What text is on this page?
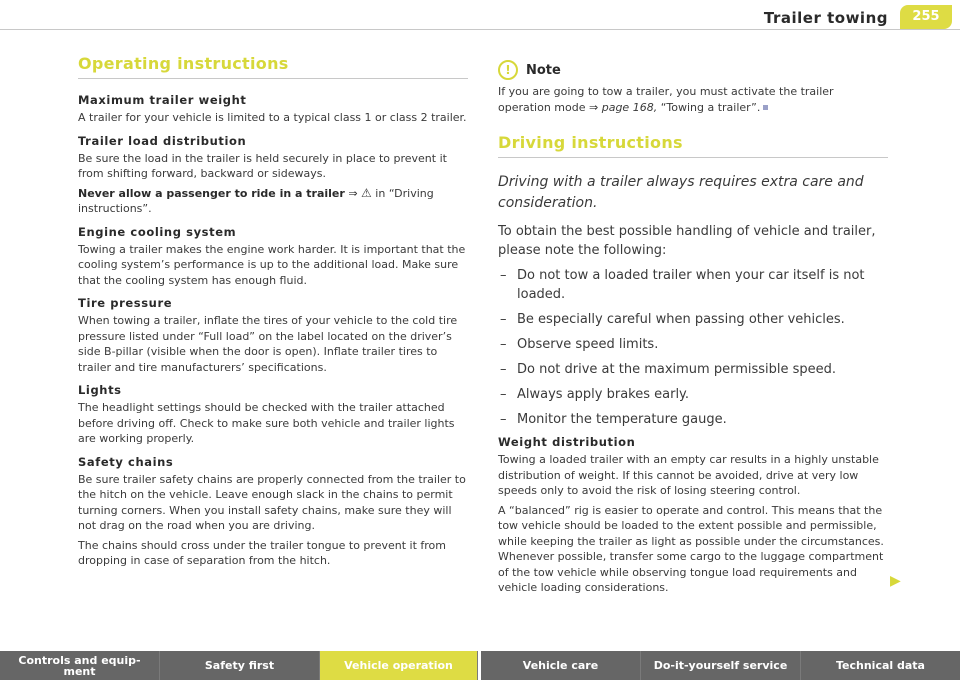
Trailer towing	255
Operating instructions
Maximum trailer weight

A trailer for your vehicle is limited to a typical class 1 or class 2 trailer.

Trailer load distribution

Be sure the load in the trailer is held securely in place to prevent it from shifting forward, backward or sideways.

Never allow a passenger to ride in a trailer ⇒ ⚠ in “Driving instructions”.

Engine cooling system

Towing a trailer makes the engine work harder. It is important that the cooling system’s performance is up to the additional load. Make sure that the cooling system has enough fluid.

Tire pressure

When towing a trailer, inflate the tires of your vehicle to the cold tire pressure listed under “Full load” on the label located on the driver’s side B-pillar (visible when the door is open). Inflate trailer tires to trailer and tire manufacturers’ specifications.

Lights

The headlight settings should be checked with the trailer attached before driving off. Check to make sure both vehicle and trailer lights are working properly.

Safety chains

Be sure trailer safety chains are properly connected from the trailer to the hitch on the vehicle. Leave enough slack in the chains to permit turning corners. When you install safety chains, make sure they will not drag on the road when you are driving.

The chains should cross under the trailer tongue to prevent it from dropping in case of separation from the hitch.

!	Note

If you are going to tow a trailer, you must activate the trailer operation mode ⇒ page 168, “Towing a trailer”.

Driving instructions

Driving with a trailer always requires extra care and consideration.

To obtain the best possible handling of vehicle and trailer, please note the following:

– Do not tow a loaded trailer when your car itself is not loaded.
– Be especially careful when passing other vehicles.
– Observe speed limits.
– Do not drive at the maximum permissible speed.
– Always apply brakes early.
– Monitor the temperature gauge.
Weight distribution

Towing a loaded trailer with an empty car results in a highly unstable distribution of weight. If this cannot be avoided, drive at very low speeds only to avoid the risk of losing steering control.

A “balanced” rig is easier to operate and control. This means that the tow vehicle should be loaded to the extent possible and permissible, while keeping the trailer as light as possible under the circumstances. Whenever possible, transfer some cargo to the luggage compartment of the tow vehicle while observing tongue load requirements and vehicle loading considerations.	▶
Controls and equip-
ment	Safety first	Vehicle operation	Vehicle care	Do-it-yourself service	Technical data
